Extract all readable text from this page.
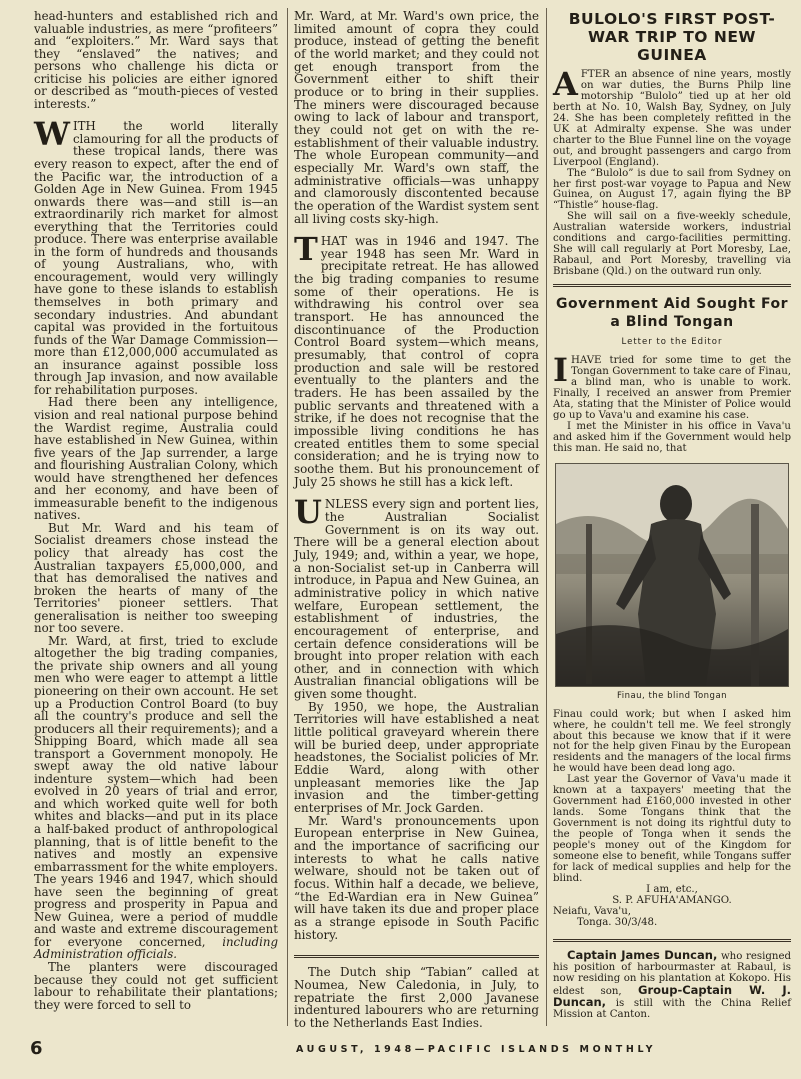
head-hunters and established rich and valuable industries, as mere “profiteers” and “exploiters.” Mr. Ward says that they “enslaved” the natives; and persons who challenge his dicta or criticise his policies are either ignored or described as “mouth-pieces of vested interests.”

WITH the world literally clamouring for all the products of these tropical lands, there was every reason to expect, after the end of the Pacific war, the introduction of a Golden Age in New Guinea. From 1945 onwards there was—and still is—an extraordinarily rich market for almost everything that the Territories could produce. There was enterprise available in the form of hundreds and thousands of young Australians, who, with encouragement, would very willingly have gone to these islands to establish themselves in both primary and secondary industries. And abundant capital was provided in the fortuitous funds of the War Damage Commission—more than £12,000,000 accumulated as an insurance against possible loss through Jap invasion, and now available for rehabilitation purposes.

Had there been any intelligence, vision and real national purpose behind the Wardist regime, Australia could have established in New Guinea, within five years of the Jap surrender, a large and flourishing Australian Colony, which would have strengthened her defences and her economy, and have been of immeasurable benefit to the indigenous natives.

But Mr. Ward and his team of Socialist dreamers chose instead the policy that already has cost the Australian taxpayers £5,000,000, and that has demoralised the natives and broken the hearts of many of the Territories' pioneer settlers. That generalisation is neither too sweeping nor too severe.

Mr. Ward, at first, tried to exclude altogether the big trading companies, the private ship owners and all young men who were eager to attempt a little pioneering on their own account. He set up a Production Control Board (to buy all the country's produce and sell the producers all their requirements); and a Shipping Board, which made all sea transport a Government monopoly. He swept away the old native labour indenture system—which had been evolved in 20 years of trial and error, and which worked quite well for both whites and blacks—and put in its place a half-baked product of anthropological planning, that is of little benefit to the natives and mostly an expensive embarrassment for the white employers. The years 1946 and 1947, which should have seen the beginning of great progress and prosperity in Papua and New Guinea, were a period of muddle and waste and extreme discouragement for everyone concerned, including Administration officials.

The planters were discouraged because they could not get sufficient labour to rehabilitate their plantations; they were forced to sell to

Mr. Ward, at Mr. Ward's own price, the limited amount of copra they could produce, instead of getting the benefit of the world market; and they could not get enough transport from the Government either to shift their produce or to bring in their supplies. The miners were discouraged because owing to lack of labour and transport, they could not get on with the re-establishment of their valuable industry. The whole European community—and especially Mr. Ward's own staff, the administrative officials—was unhappy and clamorously discontented because the operation of the Wardist system sent all living costs sky-high.

THAT was in 1946 and 1947. The year 1948 has seen Mr. Ward in precipitate retreat. He has allowed the big trading companies to resume some of their operations. He is withdrawing his control over sea transport. He has announced the discontinuance of the Production Control Board system—which means, presumably, that control of copra production and sale will be restored eventually to the planters and the traders. He has been assailed by the public servants and threatened with a strike, if he does not recognise that the impossible living conditions he has created entitles them to some special consideration; and he is trying now to soothe them. But his pronouncement of July 25 shows he still has a kick left.

UNLESS every sign and portent lies, the Australian Socialist Government is on its way out. There will be a general election about July, 1949; and, within a year, we hope, a non-Socialist set-up in Canberra will introduce, in Papua and New Guinea, an administrative policy in which native welfare, European settlement, the establishment of industries, the encouragement of enterprise, and certain defence considerations will be brought into proper relation with each other, and in connection with which Australian financial obligations will be given some thought.

By 1950, we hope, the Australian Territories will have established a neat little political graveyard wherein there will be buried deep, under appropriate headstones, the Socialist policies of Mr. Eddie Ward, along with other unpleasant memories like the Jap invasion and the timber-getting enterprises of Mr. Jock Garden.

Mr. Ward's pronouncements upon European enterprise in New Guinea, and the importance of sacrificing our interests to what he calls native welware, should not be taken out of focus. Within half a decade, we believe, “the Ed-Wardian era in New Guinea” will have taken its due and proper place as a strange episode in South Pacific history.

The Dutch ship “Tabian” called at Noumea, New Caledonia, in July, to repatriate the first 2,000 Javanese indentured labourers who are returning to the Netherlands East Indies.

BULOLO'S FIRST POST-WAR TRIP TO NEW GUINEA

AFTER an absence of nine years, mostly on war duties, the Burns Philp line motorship “Bulolo” tied up at her old berth at No. 10, Walsh Bay, Sydney, on July 24. She has been completely refitted in the UK at Admiralty expense. She was under charter to the Blue Funnel line on the voyage out, and brought passengers and cargo from Liverpool (England).

The “Bulolo” is due to sail from Sydney on her first post-war voyage to Papua and New Guinea, on August 17, again flying the BP “Thistle” house-flag.

She will sail on a five-weekly schedule, Australian waterside workers, industrial conditions and cargo-facilities permitting. She will call regularly at Port Moresby, Lae, Rabaul, and Port Moresby, travelling via Brisbane (Qld.) on the outward run only.

Government Aid Sought For a Blind Tongan
Letter to the Editor

IHAVE tried for some time to get the Tongan Government to take care of Finau, a blind man, who is unable to work. Finally, I received an answer from Premier Ata, stating that the Minister of Police would go up to Vava'u and examine his case.

I met the Minister in his office in Vava'u and asked him if the Government would help this man. He said no, that

Finau, the blind Tongan

Finau could work; but when I asked him where, he couldn't tell me. We feel strongly about this because we know that if it were not for the help given Finau by the European residents and the managers of the local firms he would have been dead long ago.

Last year the Governor of Vava'u made it known at a taxpayers' meeting that the Government had £160,000 invested in other lands. Some Tongans think that the Government is not doing its rightful duty to the people of Tonga when it sends the people's money out of the Kingdom for someone else to benefit, while Tongans suffer for lack of medical supplies and help for the blind.

I am, etc.,

S. P. AFUHA'AMANGO.

Neiafu, Vava'u,

Tonga. 30/3/48.

Captain James Duncan, who resigned his position of harbourmaster at Rabaul, is now residing on his plantation at Kokopo. His eldest son, Group-Captain W. J. Duncan, is still with the China Relief Mission at Canton.

6	AUGUST, 1948—PACIFIC ISLANDS MONTHLY
